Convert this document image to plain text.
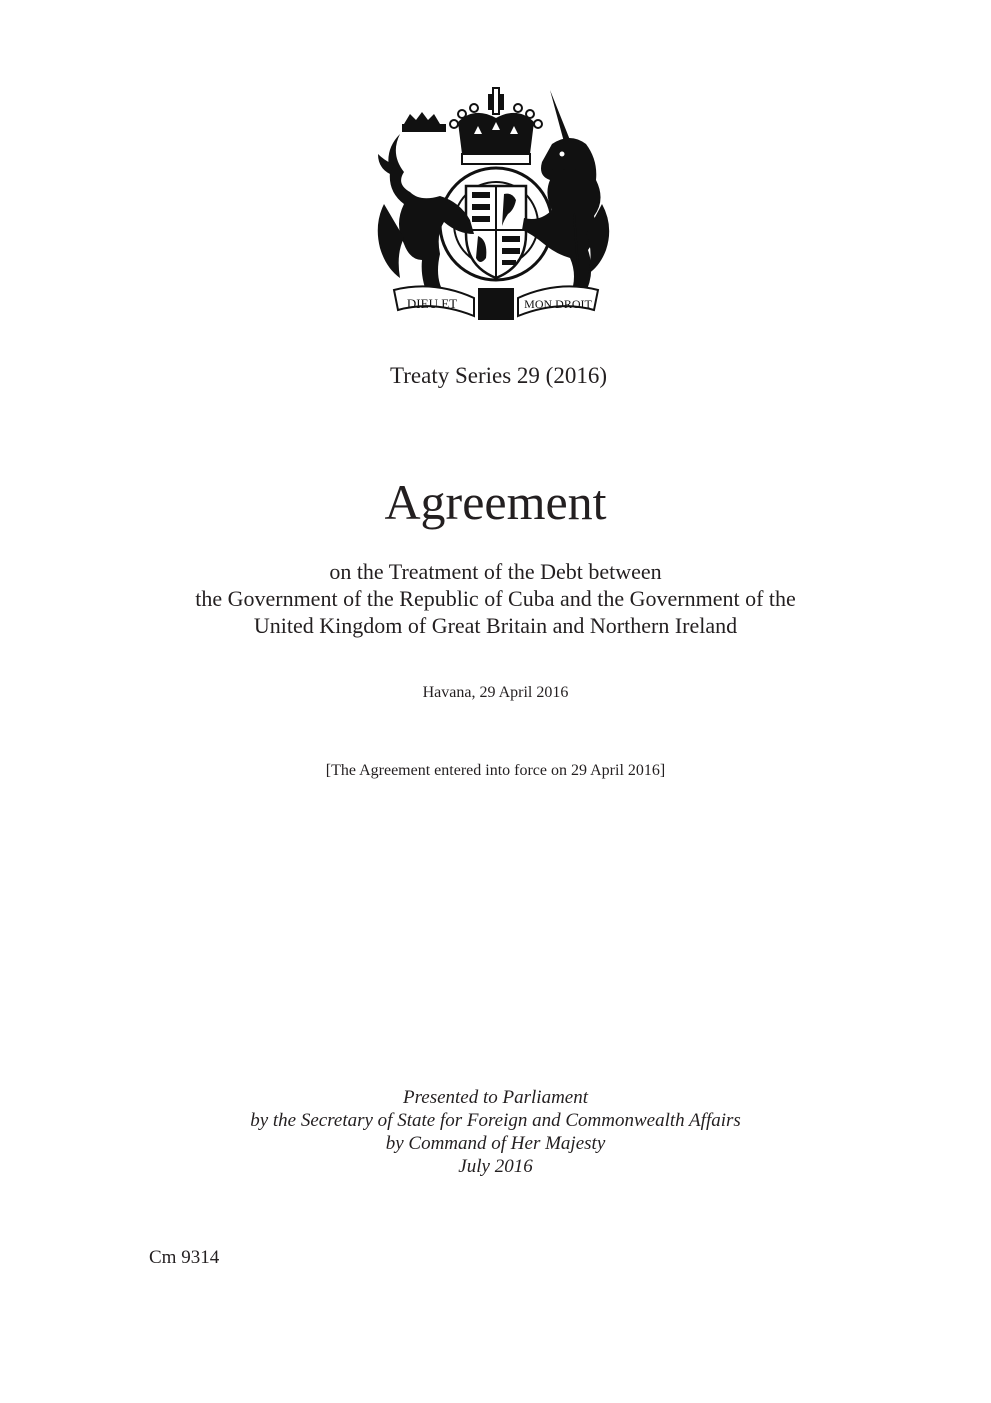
DIEU ET	MON DROIT
Treaty Series 29 (2016)
Agreement
on the Treatment of the Debt between
the Government of the Republic of Cuba and the Government of the
United Kingdom of Great Britain and Northern Ireland
Havana, 29 April 2016
[The Agreement entered into force on 29 April 2016]
Presented to Parliament
by the Secretary of State for Foreign and Commonwealth Affairs
by Command of Her Majesty
July 2016
Cm 9314
